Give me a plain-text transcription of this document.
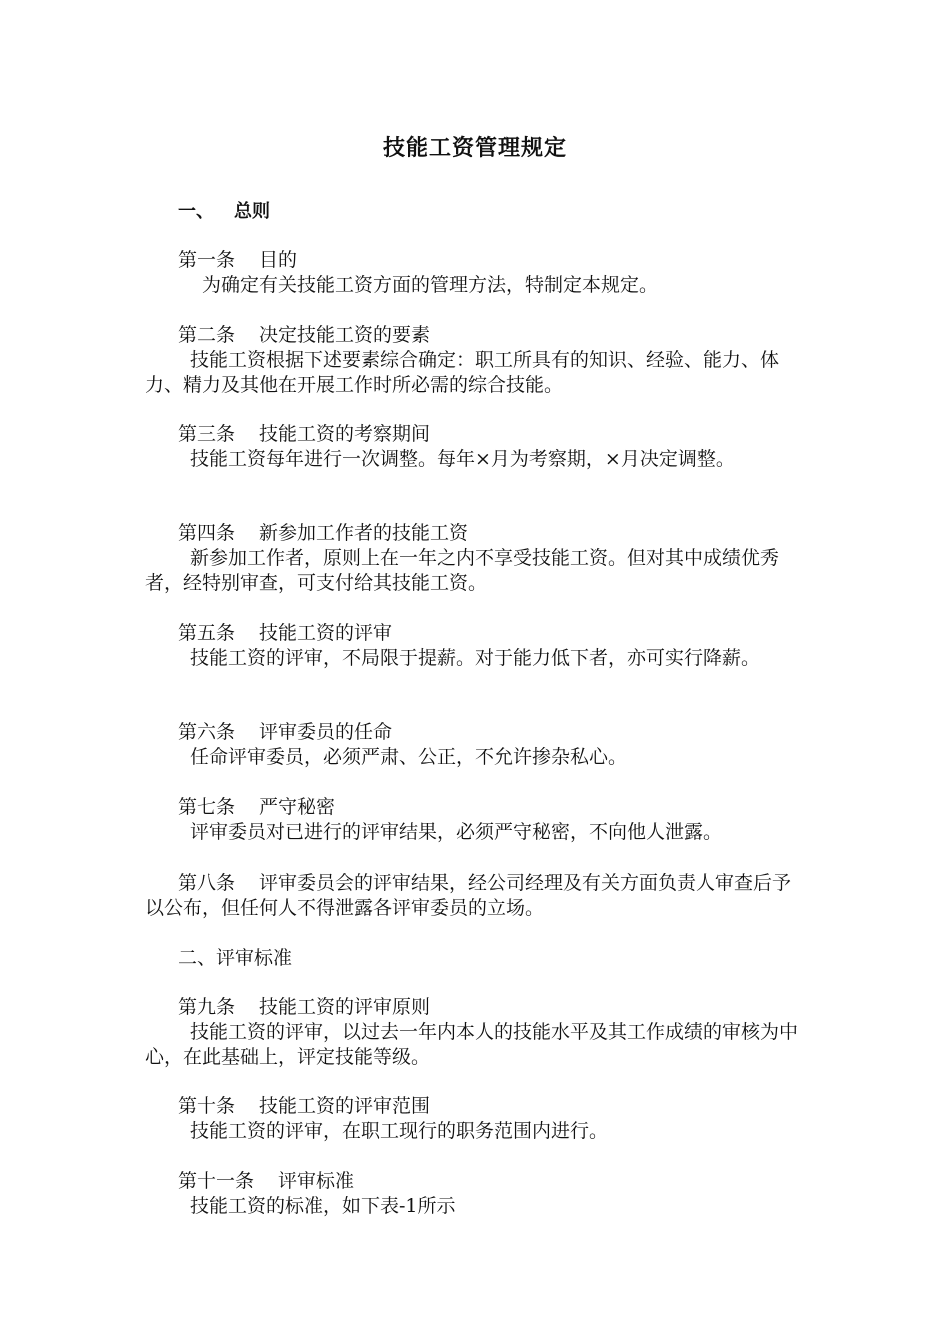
技能工资管理规定
一、 总则
第一条 目的
为确定有关技能工资方面的管理方法，特制定本规定。
第二条 决定技能工资的要素
技能工资根据下述要素综合确定：职工所具有的知识、经验、能力、体力、精力及其他在开展工作时所必需的综合技能。
第三条 技能工资的考察期间
技能工资每年进行一次调整。每年×月为考察期，×月决定调整。
第四条 新参加工作者的技能工资
新参加工作者，原则上在一年之内不享受技能工资。但对其中成绩优秀者，经特别审查，可支付给其技能工资。
第五条 技能工资的评审
技能工资的评审，不局限于提薪。对于能力低下者，亦可实行降薪。
第六条 评审委员的任命
任命评审委员，必须严肃、公正，不允许掺杂私心。
第七条 严守秘密
评审委员对已进行的评审结果，必须严守秘密，不向他人泄露。
第八条 评审委员会的评审结果，经公司经理及有关方面负责人审查后予以公布，但任何人不得泄露各评审委员的立场。
二、评审标准
第九条 技能工资的评审原则
技能工资的评审，以过去一年内本人的技能水平及其工作成绩的审核为中心，在此基础上，评定技能等级。
第十条 技能工资的评审范围
技能工资的评审，在职工现行的职务范围内进行。
第十一条 评审标准
技能工资的标准，如下表-1所示
